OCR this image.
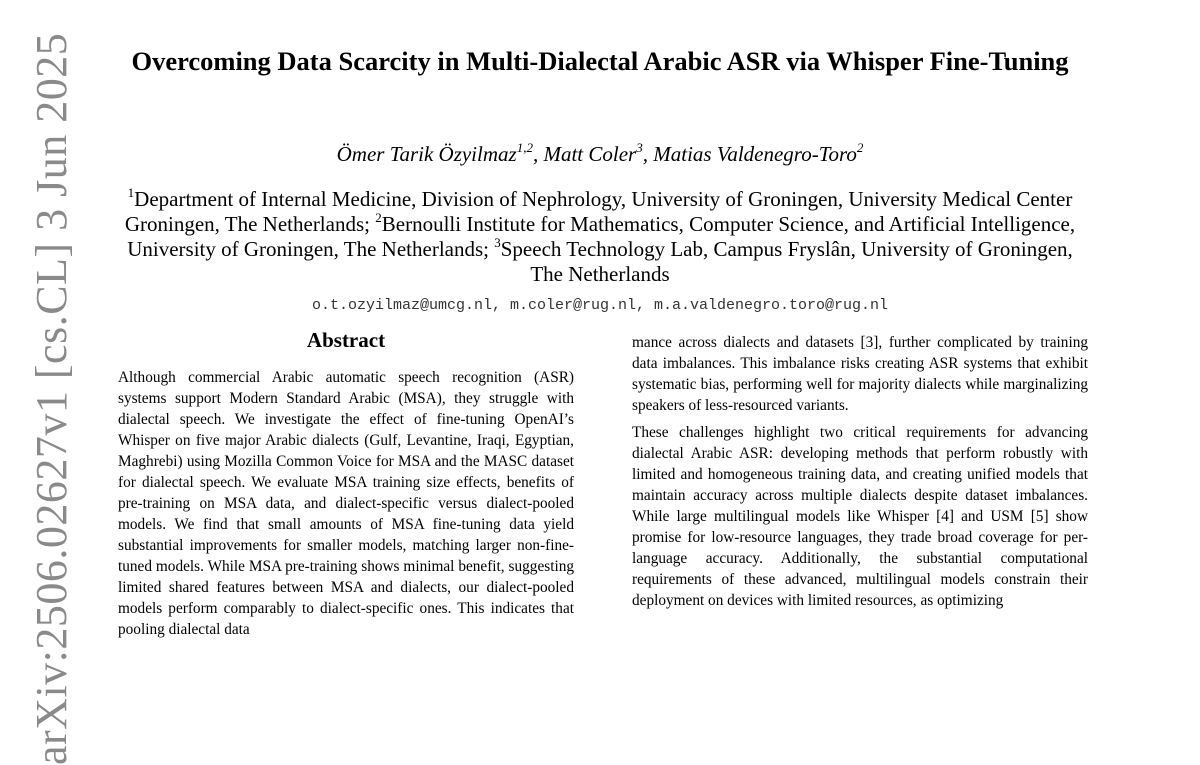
arXiv:2506.02627v1 [cs.CL] 3 Jun 2025 Overcoming Data Scarcity in Multi-Dialectal Arabic ASR via Whisper Fine-Tuning
Ömer Tarik Özyilmaz$^{1,2}$, Matt Coler$^3$, Matias Valdenegro-Toro$^2$
$^1$Department of Internal Medicine, Division of Nephrology, University of Groningen, University Medical Center Groningen, The Netherlands; $^2$Bernoulli Institute for Mathematics, Computer Science, and Artificial Intelligence, University of Groningen, The Netherlands; $^3$Speech Technology Lab, Campus Fryslân, University of Groningen, The Netherlands
o.t.ozyilmaz@umcg.nl, m.coler@rug.nl, m.a.valdenegro.toro@rug.nl
Abstract

Although commercial Arabic automatic speech recognition (ASR) systems support Modern Standard Arabic (MSA), they struggle with dialectal speech. We investigate the effect of fine-tuning OpenAI’s Whisper on five major Arabic dialects (Gulf, Levantine, Iraqi, Egyptian, Maghrebi) using Mozilla Common Voice for MSA and the MASC dataset for dialectal speech. We evaluate MSA training size effects, benefits of pre-training on MSA data, and dialect-specific versus dialect-pooled models. We find that small amounts of MSA fine-tuning data yield substantial improvements for smaller models, matching larger non-fine-tuned models. While MSA pre-training shows minimal benefit, suggesting limited shared features between MSA and dialects, our dialect-pooled models perform comparably to dialect-specific ones. This indicates that pooling dialectal data

mance across dialects and datasets [3], further complicated by training data imbalances. This imbalance risks creating ASR systems that exhibit systematic bias, performing well for majority dialects while marginalizing speakers of less-resourced variants.

These challenges highlight two critical requirements for advancing dialectal Arabic ASR: developing methods that perform robustly with limited and homogeneous training data, and creating unified models that maintain accuracy across multiple dialects despite dataset imbalances. While large multilingual models like Whisper [4] and USM [5] show promise for low-resource languages, they trade broad coverage for per-language accuracy. Additionally, the substantial computational requirements of these advanced, multilingual models constrain their deployment on devices with limited resources, as optimizing
